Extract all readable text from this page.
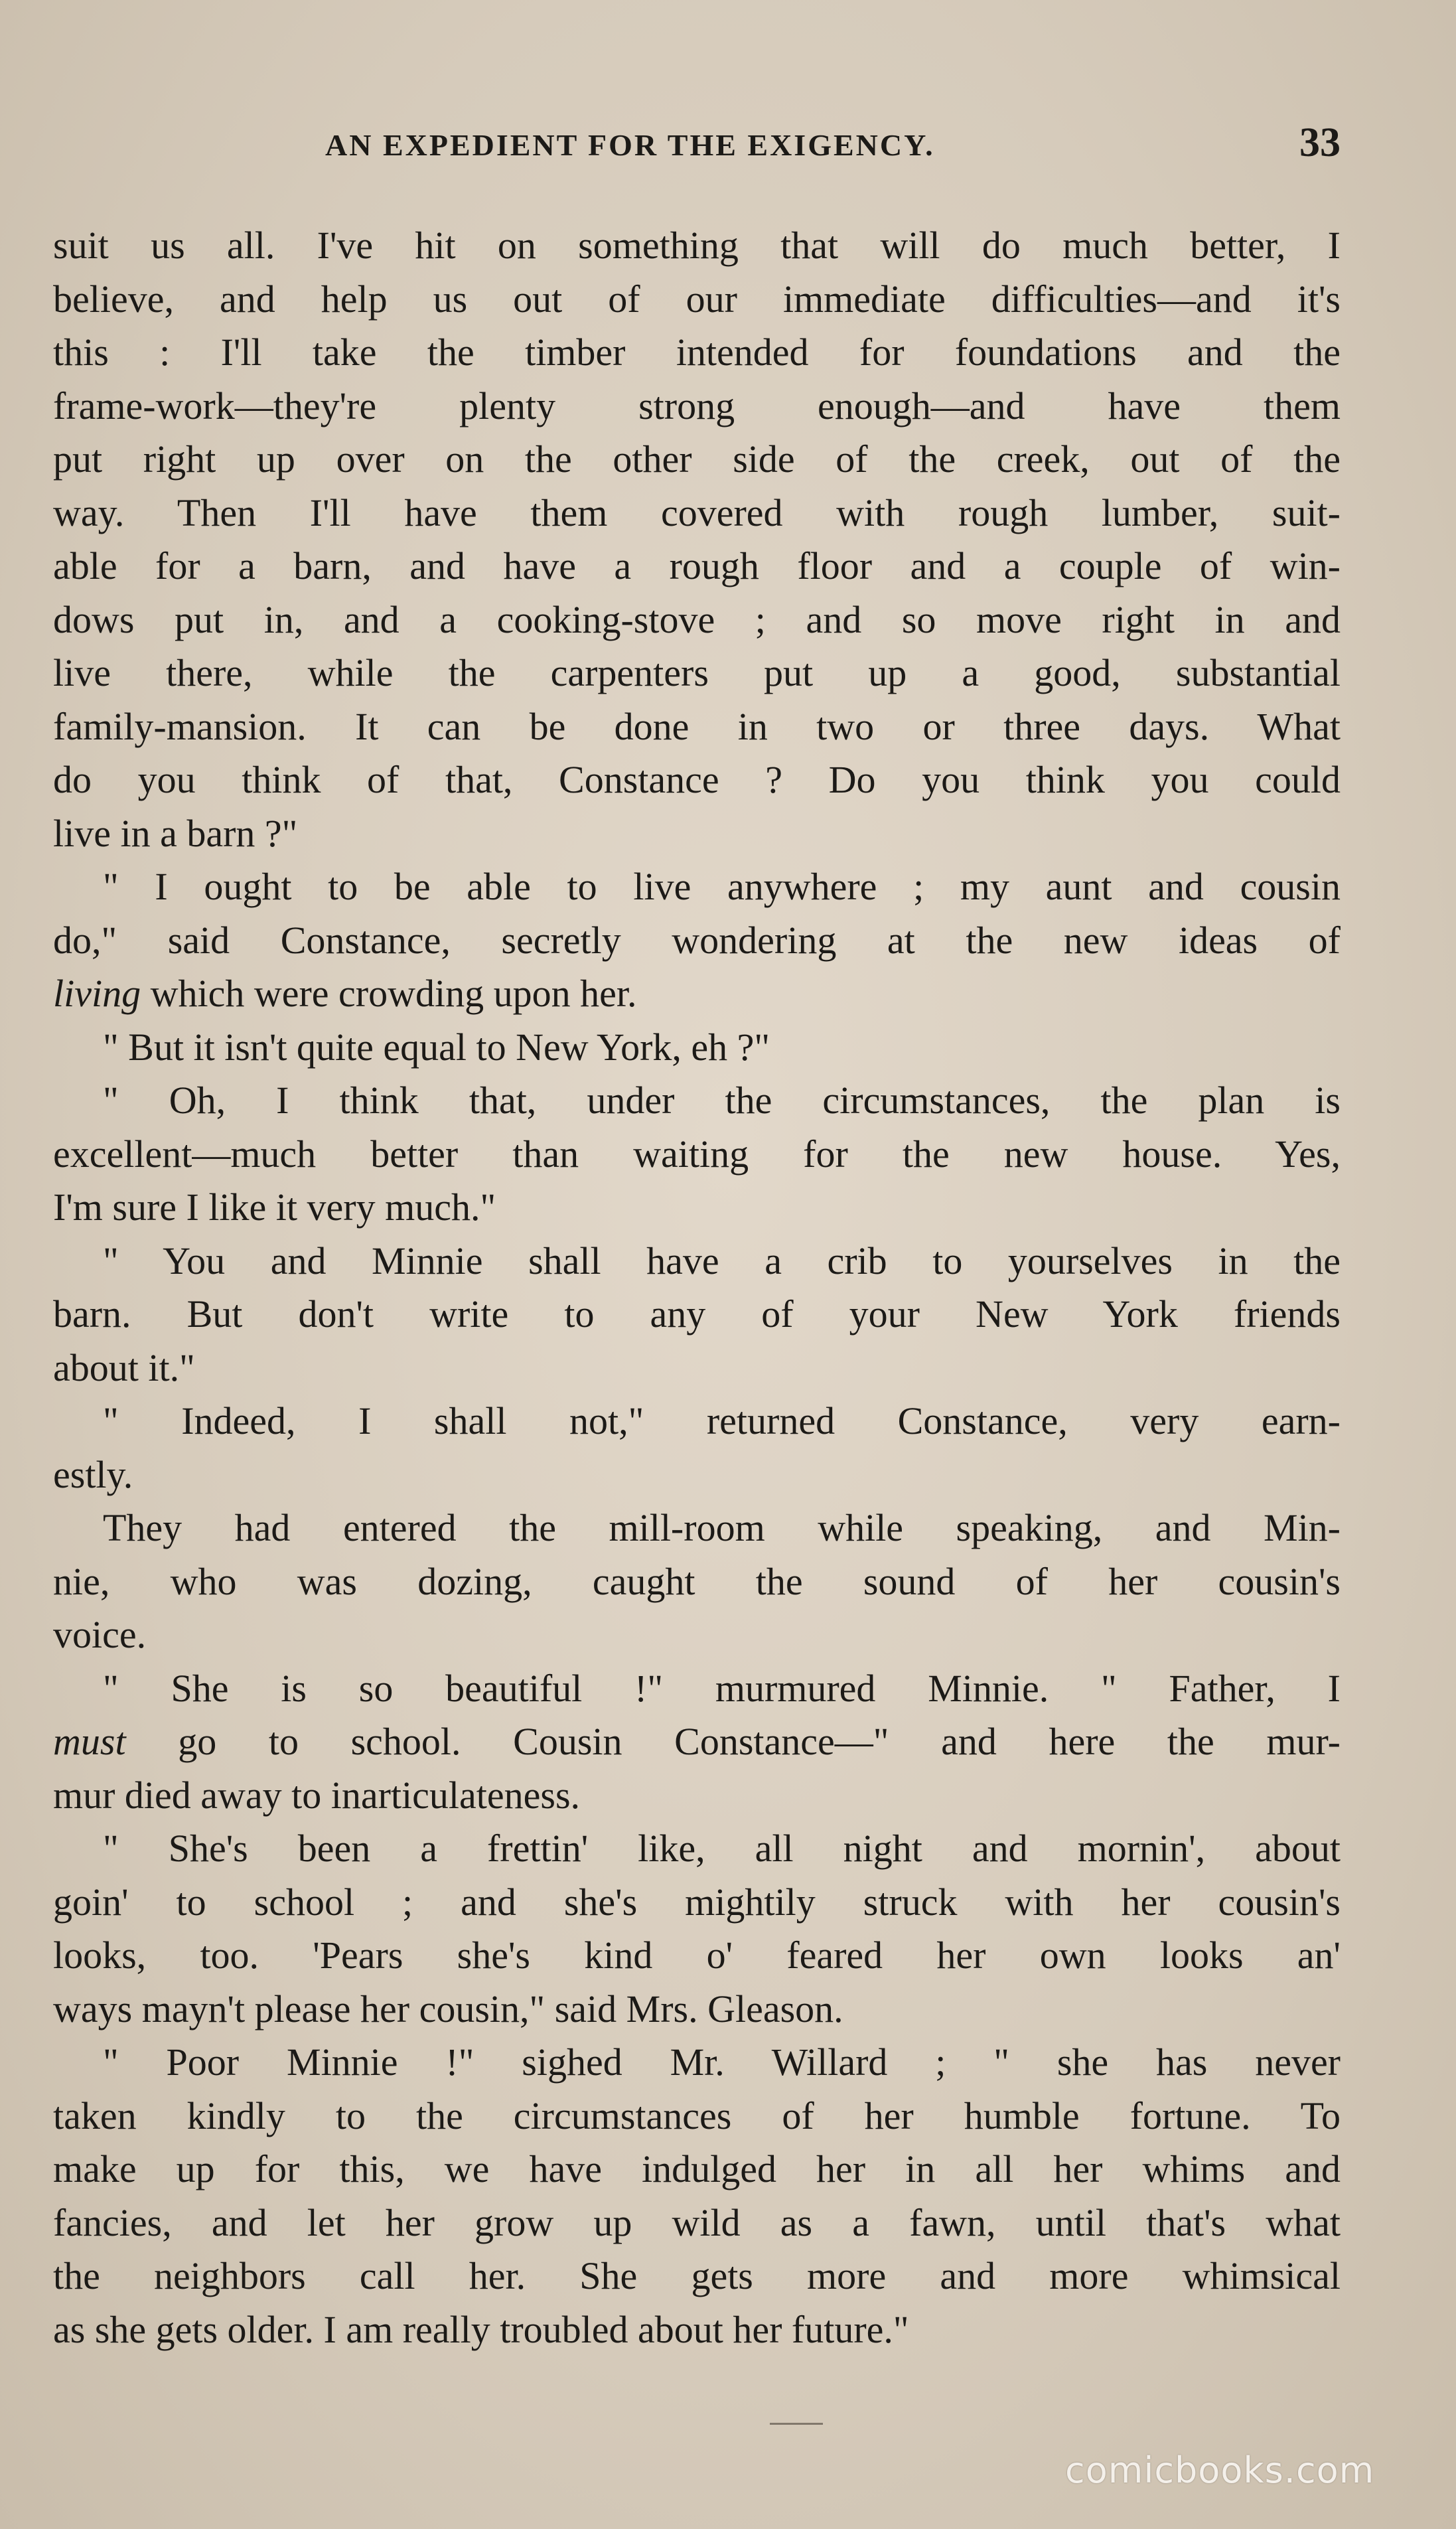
AN EXPEDIENT FOR THE EXIGENCY.	33
suit us all. I've hit on something that will do much better, I
believe, and help us out of our immediate difficulties—and it's
this : I'll take the timber intended for foundations and the
frame-work—they're plenty strong enough—and have them
put right up over on the other side of the creek, out of the
way. Then I'll have them covered with rough lumber, suit-
able for a barn, and have a rough floor and a couple of win-
dows put in, and a cooking-stove ; and so move right in and
live there, while the carpenters put up a good, substantial
family-mansion. It can be done in two or three days. What
do you think of that, Constance ? Do you think you could
live in a barn ?"
" I ought to be able to live anywhere ; my aunt and cousin
do," said Constance, secretly wondering at the new ideas of
living which were crowding upon her.
" But it isn't quite equal to New York, eh ?"
" Oh, I think that, under the circumstances, the plan is
excellent—much better than waiting for the new house. Yes,
I'm sure I like it very much."
" You and Minnie shall have a crib to yourselves in the
barn. But don't write to any of your New York friends
about it."
" Indeed, I shall not," returned Constance, very earn-
estly.
They had entered the mill-room while speaking, and Min-
nie, who was dozing, caught the sound of her cousin's
voice.
" She is so beautiful !" murmured Minnie. " Father, I
must go to school. Cousin Constance—" and here the mur-
mur died away to inarticulateness.
" She's been a frettin' like, all night and mornin', about
goin' to school ; and she's mightily struck with her cousin's
looks, too. 'Pears she's kind o' feared her own looks an'
ways mayn't please her cousin," said Mrs. Gleason.
" Poor Minnie !" sighed Mr. Willard ; " she has never
taken kindly to the circumstances of her humble fortune. To
make up for this, we have indulged her in all her whims and
fancies, and let her grow up wild as a fawn, until that's what
the neighbors call her. She gets more and more whimsical
as she gets older. I am really troubled about her future."
comicbooks.com
